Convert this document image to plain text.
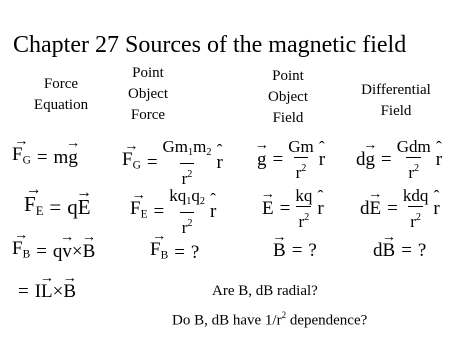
Chapter 27 Sources of the magnetic field
Force
Equation
Point
Object
Force
Point
Object
Field
Differential
Field
→ $F_G = m$
→ g
→ $F_G = \frac{Gm_1m_2}{r^2}$
ˆ r
→ $g = \frac{Gm}{r^2}$
ˆ r d
→ $g = \frac{\text{Gdm}}{r^2}$
ˆ r
→ $F_E = q$
→ E
→ $F_E = \frac{kq_1q_2}{r^2}$
ˆ r
→ $E = \frac{kq}{r^2}$
ˆ r d
→ $E = \frac{\text{kdq}}{r^2}$
ˆ r
→ $F_B = q$
→ v ×
→ B
→	$F_B$ = ?
→	B = ?	d
→ B = ?
= I
→ L ×
→ B	Are B, dB radial?
Do B, dB have $1/r^2$ dependence?
